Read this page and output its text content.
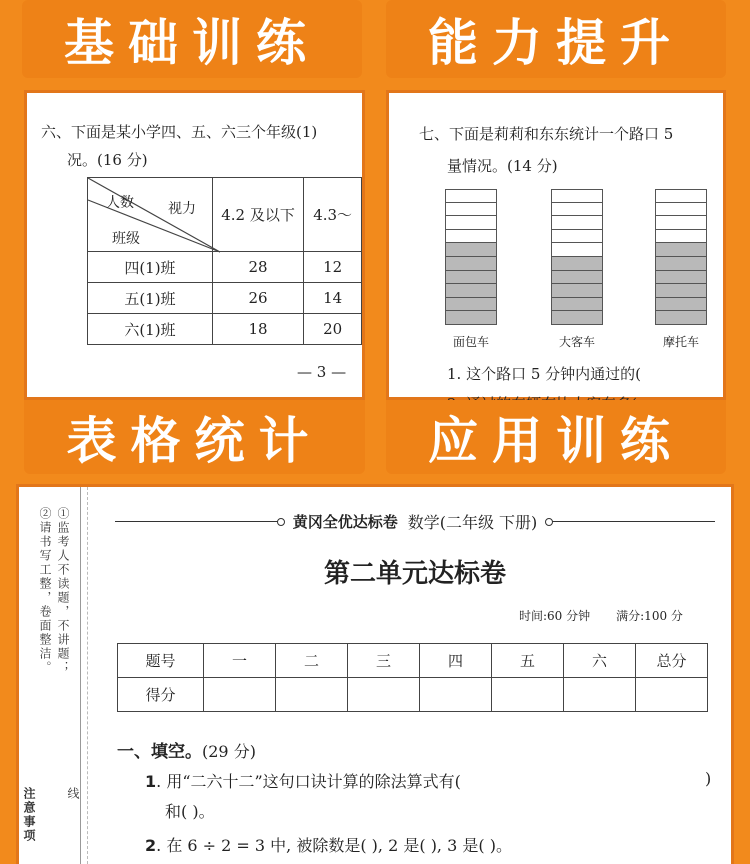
基础训练	能力提升
六、下面是某小学四、五、六三个年级(1)
况。(16 分)
人数 视力
班级	4.2 及以下	4.3～
四(1)班	28	12
五(1)班	26	14
六(1)班	18	20
— 3 —
七、下面是莉莉和东东统计一个路口 5
量情况。(14 分)
面包车	大客车	摩托车
1. 这个路口 5 分钟内通过的(
表格统计	应用训练
①监考人不读题，不讲题；
②请书写工整，卷面整洁。
注意事项	线
黄冈全优达标卷 数学(二年级 下册)
第二单元达标卷
时间:60 分钟 满分:100 分
题号	一	二	三	四	五	六	总分
得分							
一、填空。(29 分)
1. 用“二六十二”这句口诀计算的除法算式有(	)
和( )。
2. 在 6 ÷ 2 = 3 中, 被除数是( ), 2 是( ), 3 是( )。
